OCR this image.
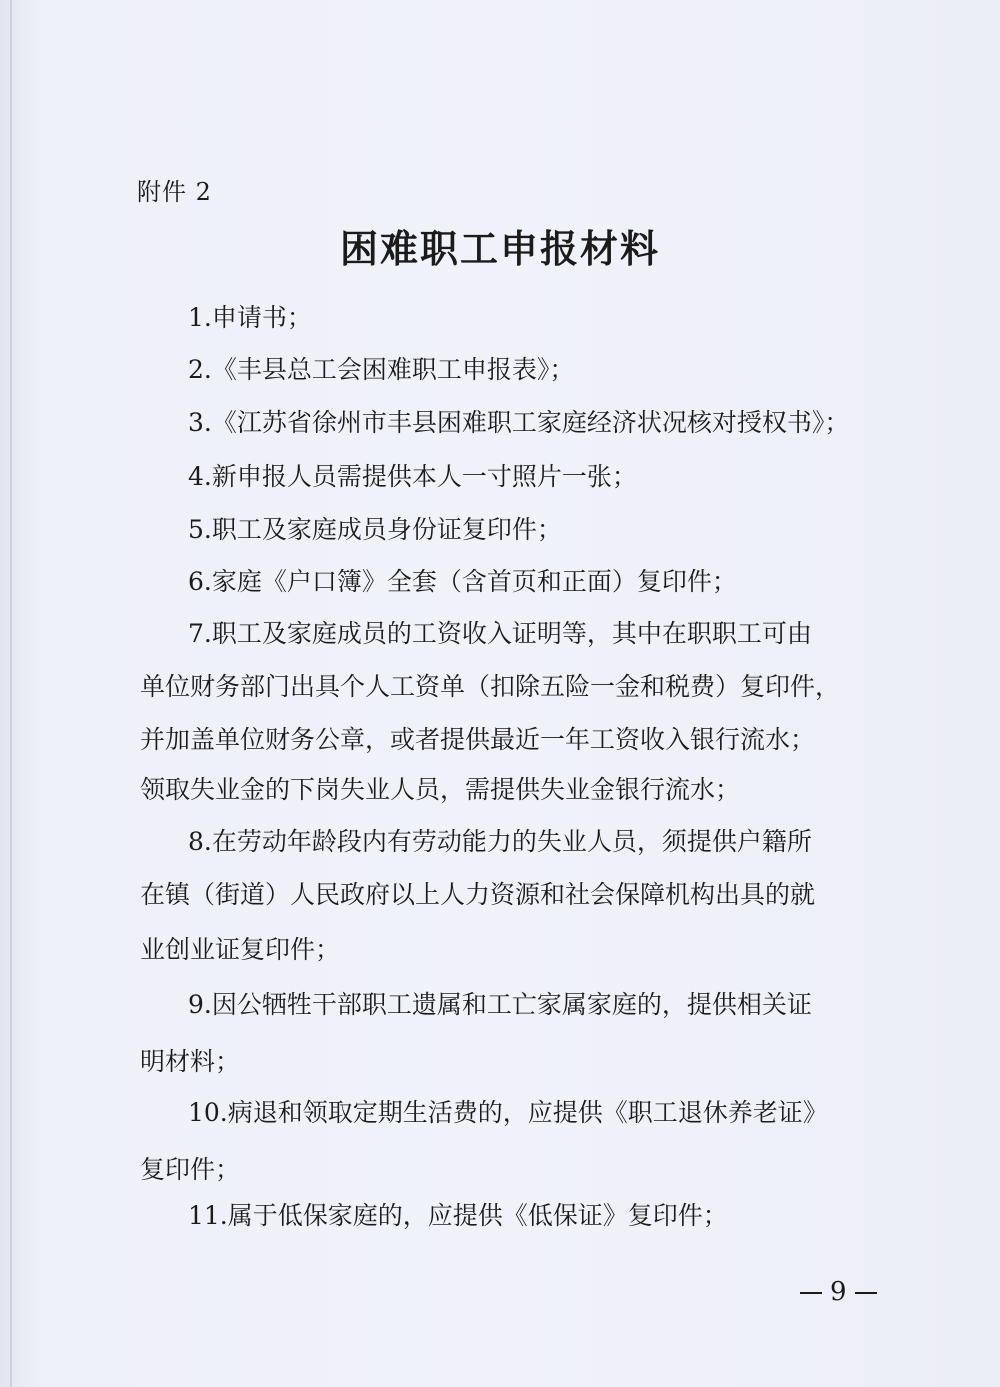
附件 2
困难职工申报材料
1.申请书；
2.《丰县总工会困难职工申报表》；
3.《江苏省徐州市丰县困难职工家庭经济状况核对授权书》；
4.新申报人员需提供本人一寸照片一张；
5.职工及家庭成员身份证复印件；
6.家庭《户口簿》全套（含首页和正面）复印件；
7.职工及家庭成员的工资收入证明等，其中在职职工可由
单位财务部门出具个人工资单（扣除五险一金和税费）复印件，
并加盖单位财务公章，或者提供最近一年工资收入银行流水；
领取失业金的下岗失业人员，需提供失业金银行流水；
8.在劳动年龄段内有劳动能力的失业人员，须提供户籍所
在镇（街道）人民政府以上人力资源和社会保障机构出具的就
业创业证复印件；
9.因公牺牲干部职工遗属和工亡家属家庭的，提供相关证
明材料；
10.病退和领取定期生活费的，应提供《职工退休养老证》
复印件；
11.属于低保家庭的，应提供《低保证》复印件；
9
